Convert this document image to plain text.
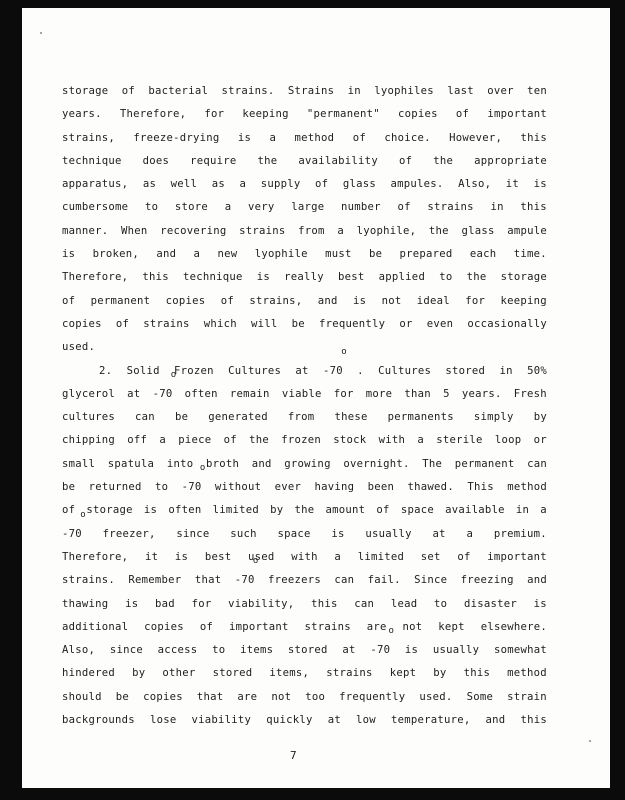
storage of bacterial strains. Strains in lyophiles last over ten
years. Therefore, for keeping "permanent" copies of important
strains, freeze-drying is a method of choice. However, this
technique does require the availability of the appropriate
apparatus, as well as a supply of glass ampules. Also, it is
cumbersome to store a very large number of strains in this
manner. When recovering strains from a lyophile, the glass ampule
is broken, and a new lyophile must be prepared each time.
Therefore, this technique is really best applied to the storage
of permanent copies of strains, and is not ideal for keeping
copies of strains which will be frequently or even occasionally
used.
2. Solid Frozen Cultures at -70 o . Cultures stored in 50%
glycerol at -70 o often remain viable for more than 5 years. Fresh
cultures can be generated from these permanents simply by
chipping off a piece of the frozen stock with a sterile loop or
small spatula into broth and growing overnight. The permanent can
be returned to -70 o without ever having been thawed. This method
of storage is often limited by the amount of space available in a
-70 o freezer, since such space is usually at a premium.
Therefore, it is best used with a limited set of important
strains. Remember that -70 o freezers can fail. Since freezing and
thawing is bad for viability, this can lead to disaster is
additional copies of important strains are not kept elsewhere.
Also, since access to items stored at -70 o is usually somewhat
hindered by other stored items, strains kept by this method
should be copies that are not too frequently used. Some strain
backgrounds lose viability quickly at low temperature, and this
7
